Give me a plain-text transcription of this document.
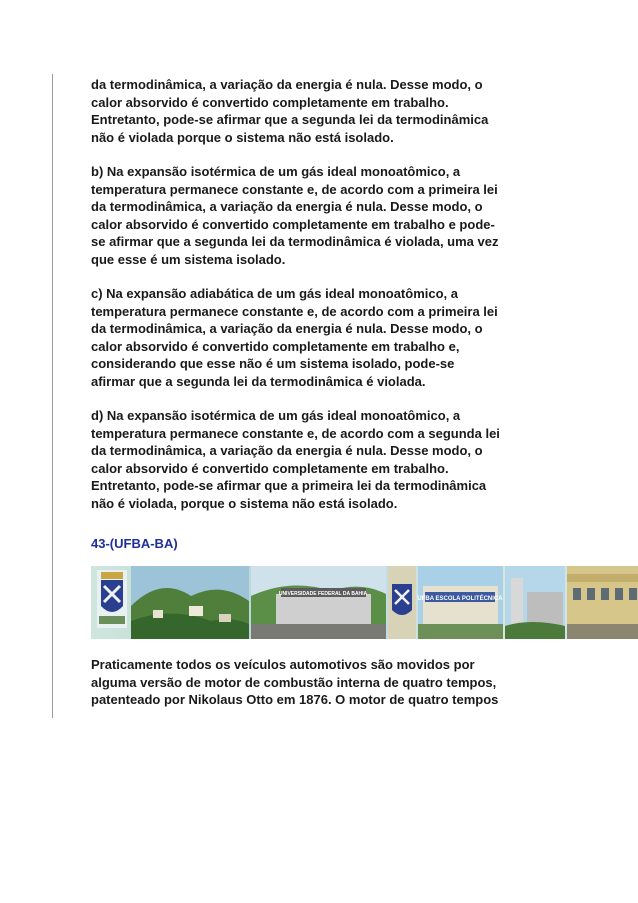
da termodinâmica, a variação da energia é nula. Desse modo, o
calor absorvido é convertido completamente em trabalho.
Entretanto, pode-se afirmar que a segunda lei da termodinâmica
não é violada porque o sistema não está isolado.

b) Na expansão isotérmica de um gás ideal monoatômico, a
temperatura permanece constante e, de acordo com a primeira lei
da termodinâmica, a variação da energia é nula. Desse modo, o
calor absorvido é convertido completamente em trabalho e pode-
se afirmar que a segunda lei da termodinâmica é violada, uma vez
que esse é um sistema isolado.

c) Na expansão adiabática de um gás ideal monoatômico, a
temperatura permanece constante e, de acordo com a primeira lei
da termodinâmica, a variação da energia é nula. Desse modo, o
calor absorvido é convertido completamente em trabalho e,
considerando que esse não é um sistema isolado, pode-se
afirmar que a segunda lei da termodinâmica é violada.

d) Na expansão isotérmica de um gás ideal monoatômico, a
temperatura permanece constante e, de acordo com a segunda lei
da termodinâmica, a variação da energia é nula. Desse modo, o
calor absorvido é convertido completamente em trabalho.
Entretanto, pode-se afirmar que a primeira lei da termodinâmica
não é violada, porque o sistema não está isolado.

43-(UFBA-BA)
UNIVERSIDADE FEDERAL DA BAHIA
UFBA ESCOLA POLITÉCNICA

Praticamente todos os veículos automotivos são movidos por
alguma versão de motor de combustão interna de quatro tempos,
patenteado por Nikolaus Otto em 1876. O motor de quatro tempos
